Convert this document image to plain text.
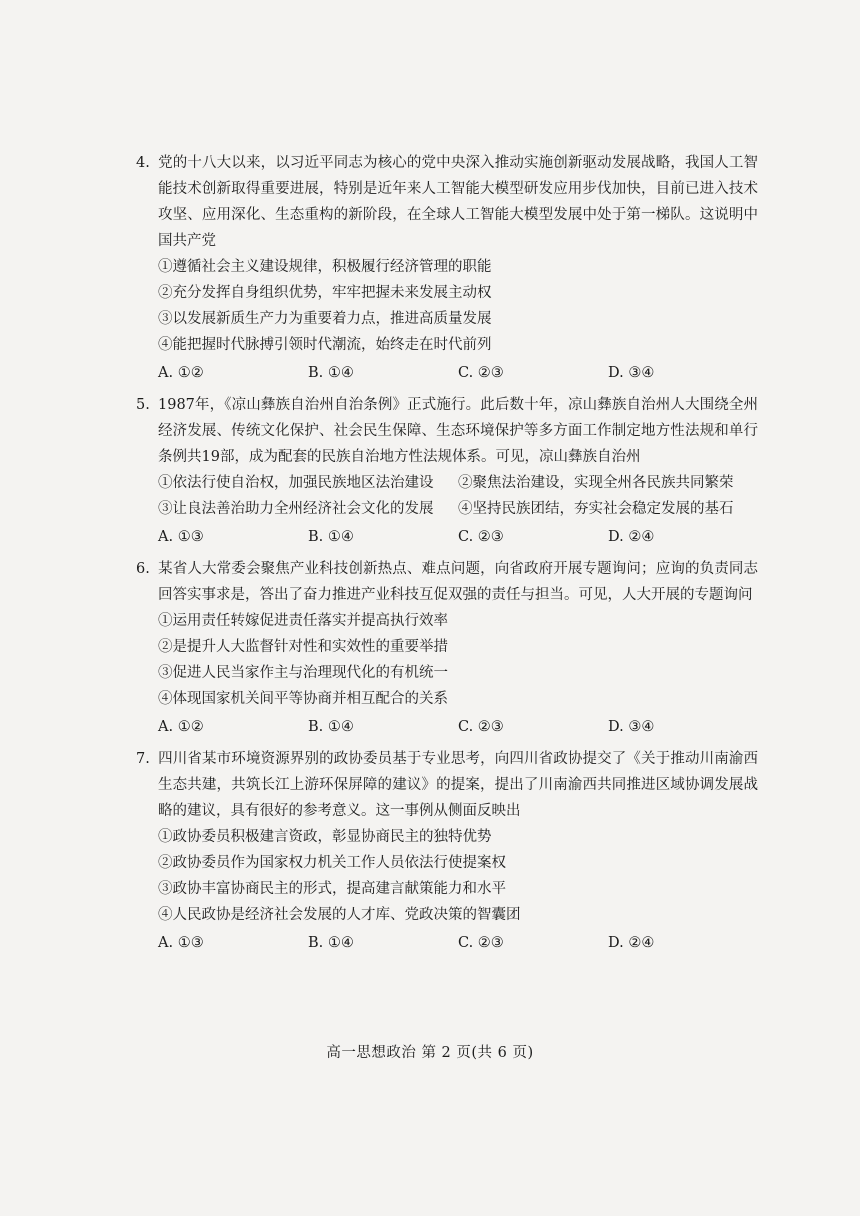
4. 党的十八大以来，以习近平同志为核心的党中央深入推动实施创新驱动发展战略，我国人工智能技术创新取得重要进展，特别是近年来人工智能大模型研发应用步伐加快，目前已进入技术攻坚、应用深化、生态重构的新阶段，在全球人工智能大模型发展中处于第一梯队。这说明中国共产党

①遵循社会主义建设规律，积极履行经济管理的职能

②充分发挥自身组织优势，牢牢把握未来发展主动权

③以发展新质生产力为重要着力点，推进高质量发展

④能把握时代脉搏引领时代潮流，始终走在时代前列

A. ①②	B. ①④	C. ②③	D. ③④

5. 1987年，《凉山彝族自治州自治条例》正式施行。此后数十年，凉山彝族自治州人大围绕全州经济发展、传统文化保护、社会民生保障、生态环境保护等多方面工作制定地方性法规和单行条例共19部，成为配套的民族自治地方性法规体系。可见，凉山彝族自治州

①依法行使自治权，加强民族地区法治建设	②聚焦法治建设，实现全州各民族共同繁荣
③让良法善治助力全州经济社会文化的发展	④坚持民族团结，夯实社会稳定发展的基石
A. ①③	B. ①④	C. ②③	D. ②④

6. 某省人大常委会聚焦产业科技创新热点、难点问题，向省政府开展专题询问；应询的负责同志回答实事求是，答出了奋力推进产业科技互促双强的责任与担当。可见，人大开展的专题询问

①运用责任转嫁促进责任落实并提高执行效率

②是提升人大监督针对性和实效性的重要举措

③促进人民当家作主与治理现代化的有机统一

④体现国家机关间平等协商并相互配合的关系

A. ①②	B. ①④	C. ②③	D. ③④

7. 四川省某市环境资源界别的政协委员基于专业思考，向四川省政协提交了《关于推动川南渝西生态共建，共筑长江上游环保屏障的建议》的提案，提出了川南渝西共同推进区域协调发展战略的建议，具有很好的参考意义。这一事例从侧面反映出

①政协委员积极建言资政，彰显协商民主的独特优势

②政协委员作为国家权力机关工作人员依法行使提案权

③政协丰富协商民主的形式，提高建言献策能力和水平

④人民政协是经济社会发展的人才库、党政决策的智囊团

A. ①③	B. ①④	C. ②③	D. ②④
高一思想政治 第 2 页(共 6 页)
